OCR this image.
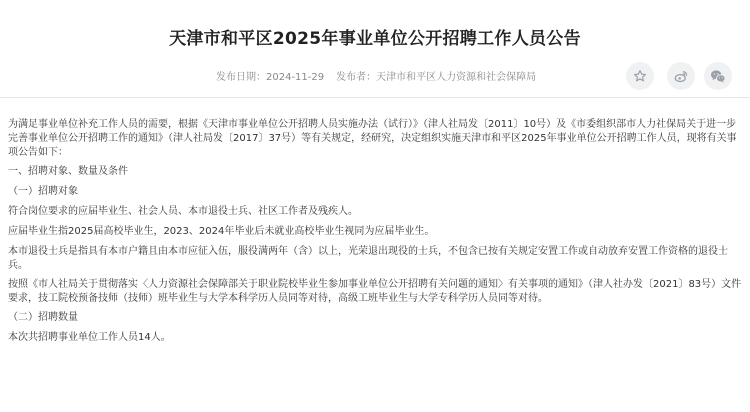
天津市和平区2025年事业单位公开招聘工作人员公告
发布日期：2024-11-29 发布者：天津市和平区人力资源和社会保障局

为满足事业单位补充工作人员的需要，根据《天津市事业单位公开招聘人员实施办法（试行）》（津人社局发〔2011〕10号）及《市委组织部市人力社保局关于进一步完善事业单位公开招聘工作的通知》（津人社局发〔2017〕37号）等有关规定，经研究，决定组织实施天津市和平区2025年事业单位公开招聘工作人员，现将有关事项公告如下：

一、招聘对象、数量及条件

（一）招聘对象

符合岗位要求的应届毕业生、社会人员、本市退役士兵、社区工作者及残疾人。

应届毕业生指2025届高校毕业生，2023、2024年毕业后未就业高校毕业生视同为应届毕业生。

本市退役士兵是指具有本市户籍且由本市应征入伍，服役满两年（含）以上，光荣退出现役的士兵，不包含已按有关规定安置工作或自动放弃安置工作资格的退役士兵。

按照《市人社局关于贯彻落实〈人力资源社会保障部关于职业院校毕业生参加事业单位公开招聘有关问题的通知〉有关事项的通知》（津人社办发〔2021〕83号）文件要求，技工院校预备技师（技师）班毕业生与大学本科学历人员同等对待，高级工班毕业生与大学专科学历人员同等对待。

（二）招聘数量

本次共招聘事业单位工作人员14人。
